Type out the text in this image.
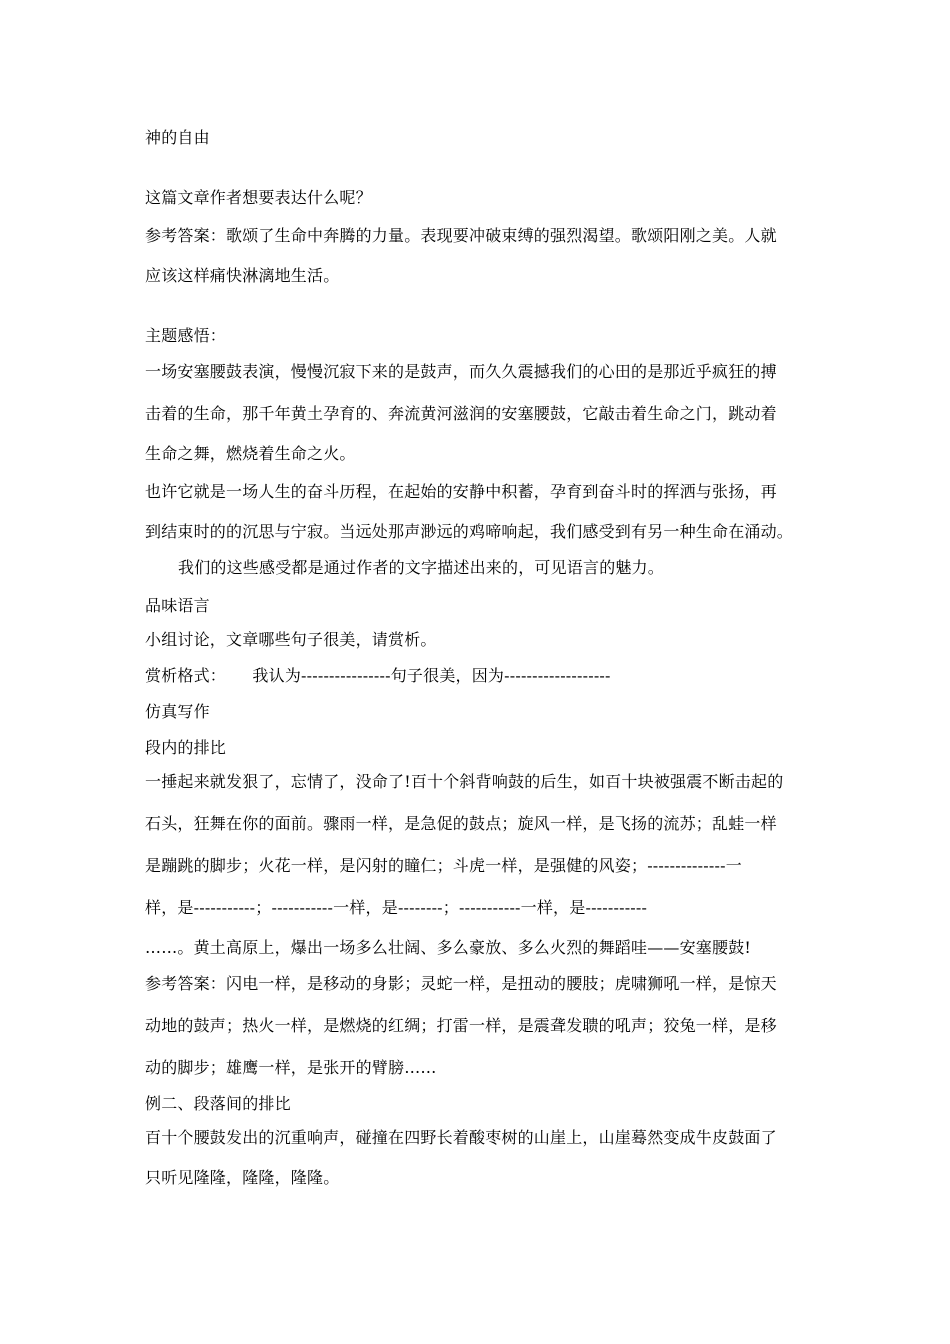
神的自由
这篇文章作者想要表达什么呢？
参考答案：歌颂了生命中奔腾的力量。表现要冲破束缚的强烈渴望。歌颂阳刚之美。人就
应该这样痛快淋漓地生活。
主题感悟：
一场安塞腰鼓表演，慢慢沉寂下来的是鼓声，而久久震撼我们的心田的是那近乎疯狂的搏
击着的生命，那千年黄土孕育的、奔流黄河滋润的安塞腰鼓，它敲击着生命之门，跳动着
生命之舞，燃烧着生命之火。
也许它就是一场人生的奋斗历程，在起始的安静中积蓄，孕育到奋斗时的挥洒与张扬，再
到结束时的的沉思与宁寂。当远处那声渺远的鸡啼响起，我们感受到有另一种生命在涌动。
我们的这些感受都是通过作者的文字描述出来的，可见语言的魅力。
品味语言
小组讨论，文章哪些句子很美，请赏析。
赏析格式：     我认为----------------句子很美，因为-------------------
仿真写作
段内的排比
一捶起来就发狠了，忘情了，没命了!百十个斜背响鼓的后生，如百十块被强震不断击起的
石头，狂舞在你的面前。骤雨一样，是急促的鼓点；旋风一样，是飞扬的流苏；乱蛙一样
是蹦跳的脚步；火花一样，是闪射的瞳仁；斗虎一样，是强健的风姿；--------------一
样，是-----------；-----------一样，是--------；-----------一样，是-----------
……。黄土高原上，爆出一场多么壮阔、多么豪放、多么火烈的舞蹈哇——安塞腰鼓!
参考答案：闪电一样，是移动的身影；灵蛇一样，是扭动的腰肢；虎啸狮吼一样，是惊天
动地的鼓声；热火一样，是燃烧的红绸；打雷一样，是震聋发聩的吼声；狡兔一样，是移
动的脚步；雄鹰一样，是张开的臂膀……
例二、段落间的排比
百十个腰鼓发出的沉重响声，碰撞在四野长着酸枣树的山崖上，山崖蓦然变成牛皮鼓面了
只听见隆隆，隆隆，隆隆。
